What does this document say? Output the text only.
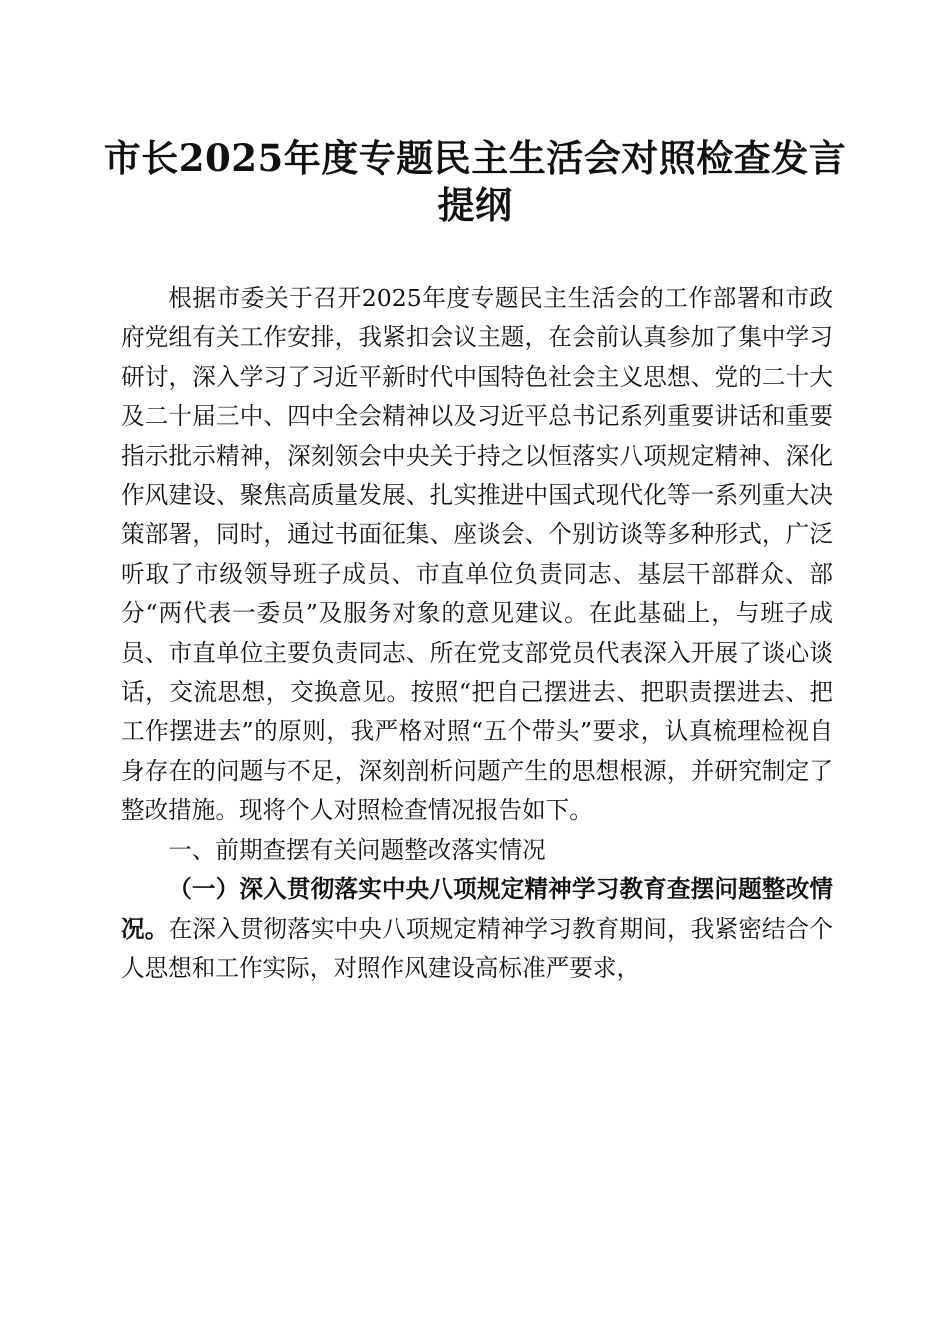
市长2025年度专题民主生活会对照检查发言提纲

根据市委关于召开2025年度专题民主生活会的工作部署和市政府党组有关工作安排，我紧扣会议主题，在会前认真参加了集中学习研讨，深入学习了习近平新时代中国特色社会主义思想、党的二十大及二十届三中、四中全会精神以及习近平总书记系列重要讲话和重要指示批示精神，深刻领会中央关于持之以恒落实八项规定精神、深化作风建设、聚焦高质量发展、扎实推进中国式现代化等一系列重大决策部署，同时，通过书面征集、座谈会、个别访谈等多种形式，广泛听取了市级领导班子成员、市直单位负责同志、基层干部群众、部分“两代表一委员”及服务对象的意见建议。在此基础上，与班子成员、市直单位主要负责同志、所在党支部党员代表深入开展了谈心谈话，交流思想，交换意见。按照“把自己摆进去、把职责摆进去、把工作摆进去”的原则，我严格对照“五个带头”要求，认真梳理检视自身存在的问题与不足，深刻剖析问题产生的思想根源，并研究制定了整改措施。现将个人对照检查情况报告如下。

一、前期查摆有关问题整改落实情况

（一）深入贯彻落实中央八项规定精神学习教育查摆问题整改情况。在深入贯彻落实中央八项规定精神学习教育期间，我紧密结合个人思想和工作实际，对照作风建设高标准严要求，
